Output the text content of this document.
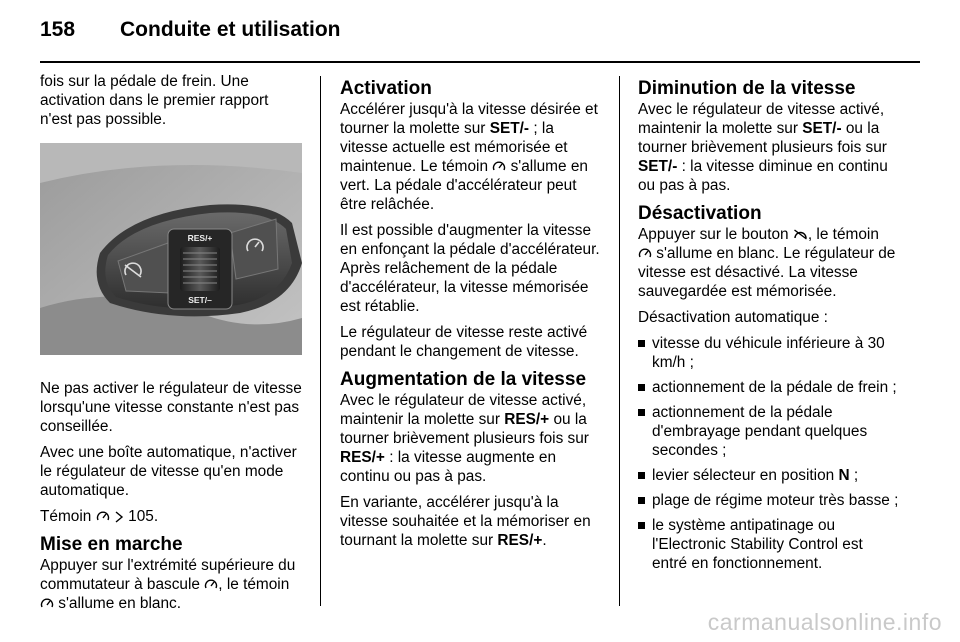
158	Conduite et utilisation

fois sur la pédale de frein. Une activation dans le premier rapport n'est pas possible.

RES/+
SET/–

Ne pas activer le régulateur de vitesse lorsqu'une vitesse constante n'est pas conseillée.

Avec une boîte automatique, n'activer le régulateur de vitesse qu'en mode automatique.

Témoin 105.

Mise en marche

Appuyer sur l'extrémité supérieure du commutateur à bascule , le témoin  s'allume en blanc.

Activation

Accélérer jusqu'à la vitesse désirée et tourner la molette sur SET/- ; la vitesse actuelle est mémorisée et maintenue. Le témoin s'allume en vert. La pédale d'accélérateur peut être relâchée.

Il est possible d'augmenter la vitesse en enfonçant la pédale d'accélérateur. Après relâchement de la pédale d'accélérateur, la vitesse mémorisée est rétablie.

Le régulateur de vitesse reste activé pendant le changement de vitesse.

Augmentation de la vitesse

Avec le régulateur de vitesse activé, maintenir la molette sur RES/+ ou la tourner brièvement plusieurs fois sur RES/+ : la vitesse augmente en continu ou pas à pas.

En variante, accélérer jusqu'à la vitesse souhaitée et la mémoriser en tournant la molette sur RES/+.

Diminution de la vitesse

Avec le régulateur de vitesse activé, maintenir la molette sur SET/- ou la tourner brièvement plusieurs fois sur SET/- : la vitesse diminue en continu ou pas à pas.

Désactivation

Appuyer sur le bouton , le témoin
s'allume en blanc. Le régulateur de vitesse est désactivé. La vitesse sauvegardée est mémorisée.

Désactivation automatique :

vitesse du véhicule inférieure à 30 km/h ;
actionnement de la pédale de frein ;
actionnement de la pédale d'embrayage pendant quelques secondes ;
levier sélecteur en position N ;
plage de régime moteur très basse ;
le système antipatinage ou l'Electronic Stability Control est entré en fonctionnement.
carmanualsonline.info
